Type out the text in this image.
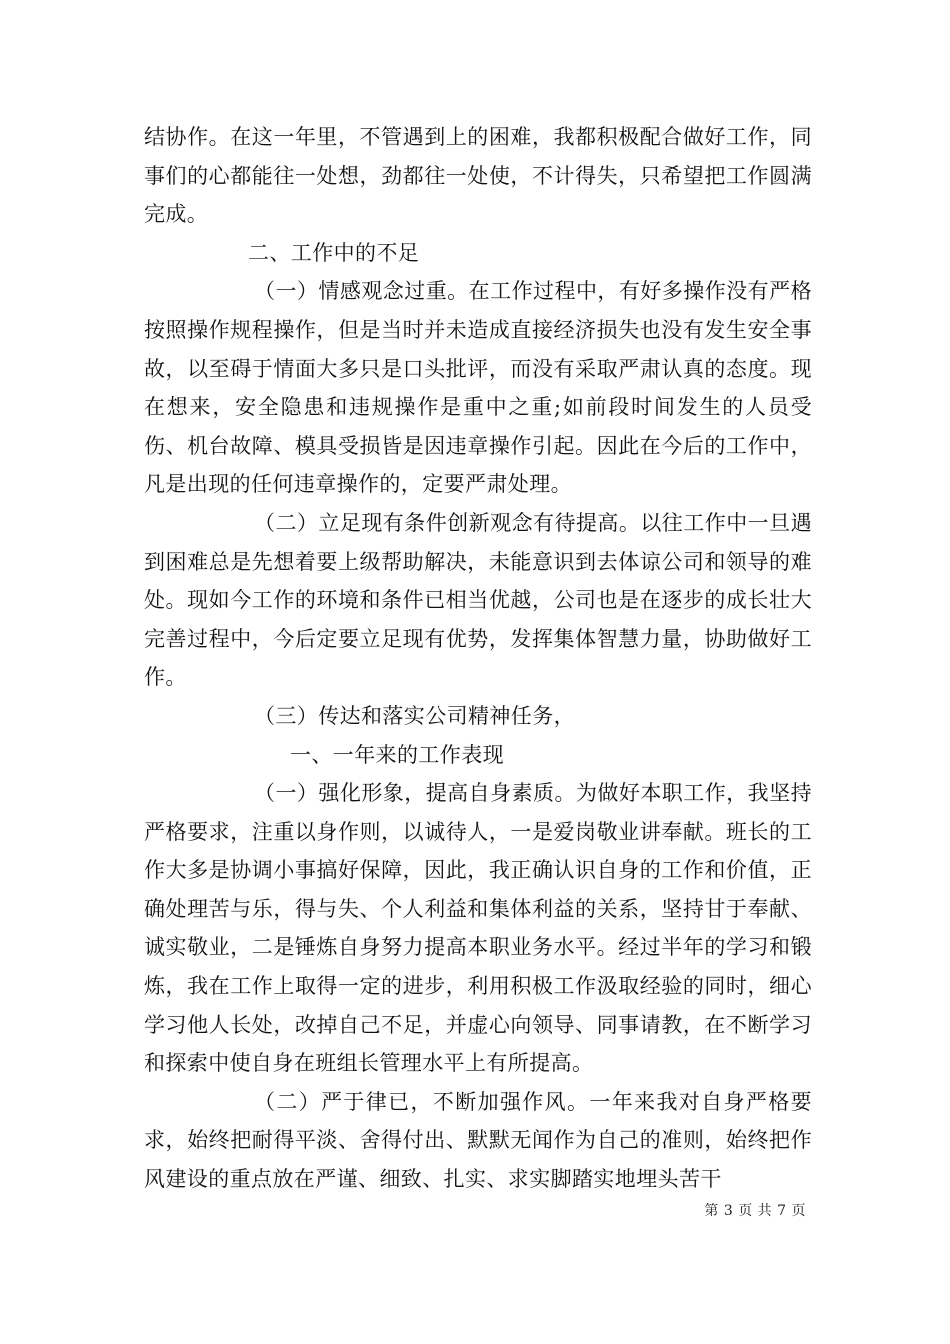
结协作。在这一年里，不管遇到上的困难，我都积极配合做好工作，同事们的心都能往一处想，劲都往一处使，不计得失，只希望把工作圆满完成。

二、工作中的不足

（一）情感观念过重。在工作过程中，有好多操作没有严格按照操作规程操作，但是当时并未造成直接经济损失也没有发生安全事故，以至碍于情面大多只是口头批评，而没有采取严肃认真的态度。现在想来，安全隐患和违规操作是重中之重;如前段时间发生的人员受伤、机台故障、模具受损皆是因违章操作引起。因此在今后的工作中，凡是出现的任何违章操作的，定要严肃处理。

（二）立足现有条件创新观念有待提高。以往工作中一旦遇到困难总是先想着要上级帮助解决，未能意识到去体谅公司和领导的难处。现如今工作的环境和条件已相当优越，公司也是在逐步的成长壮大完善过程中，今后定要立足现有优势，发挥集体智慧力量，协助做好工作。

（三）传达和落实公司精神任务，

一、一年来的工作表现

（一）强化形象，提高自身素质。为做好本职工作，我坚持严格要求，注重以身作则，以诚待人，一是爱岗敬业讲奉献。班长的工作大多是协调小事搞好保障，因此，我正确认识自身的工作和价值，正确处理苦与乐，得与失、个人利益和集体利益的关系，坚持甘于奉献、诚实敬业，二是锤炼自身努力提高本职业务水平。经过半年的学习和锻炼，我在工作上取得一定的进步，利用积极工作汲取经验的同时，细心学习他人长处，改掉自己不足，并虚心向领导、同事请教，在不断学习和探索中使自身在班组长管理水平上有所提高。

（二）严于律已，不断加强作风。一年来我对自身严格要求，始终把耐得平淡、舍得付出、默默无闻作为自己的准则，始终把作风建设的重点放在严谨、细致、扎实、求实脚踏实地埋头苦干

第 3 页 共 7 页
